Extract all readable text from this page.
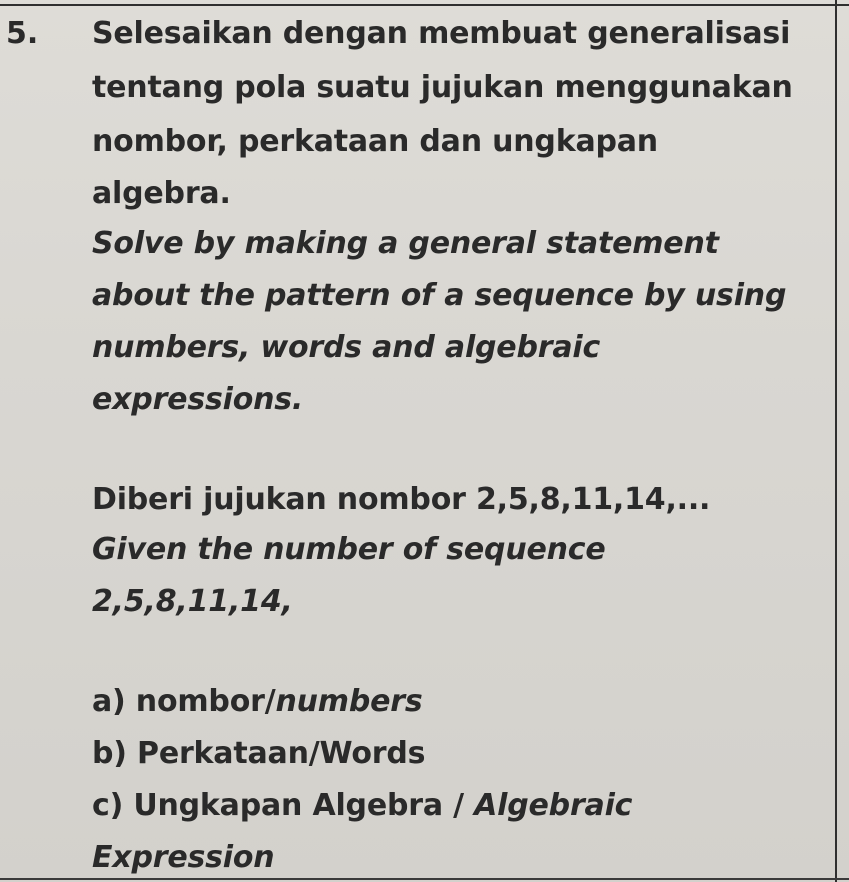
5. Selesaikan dengan membuat generalisasi
tentang pola suatu jujukan menggunakan
nombor, perkataan dan ungkapan
algebra.
Solve by making a general statement
about the pattern of a sequence by using
numbers, words and algebraic
expressions.
Diberi jujukan nombor 2,5,8,11,14,...
Given the number of sequence
2,5,8,11,14,
a) nombor/numbers
b) Perkataan/Words
c) Ungkapan Algebra / Algebraic
Expression
